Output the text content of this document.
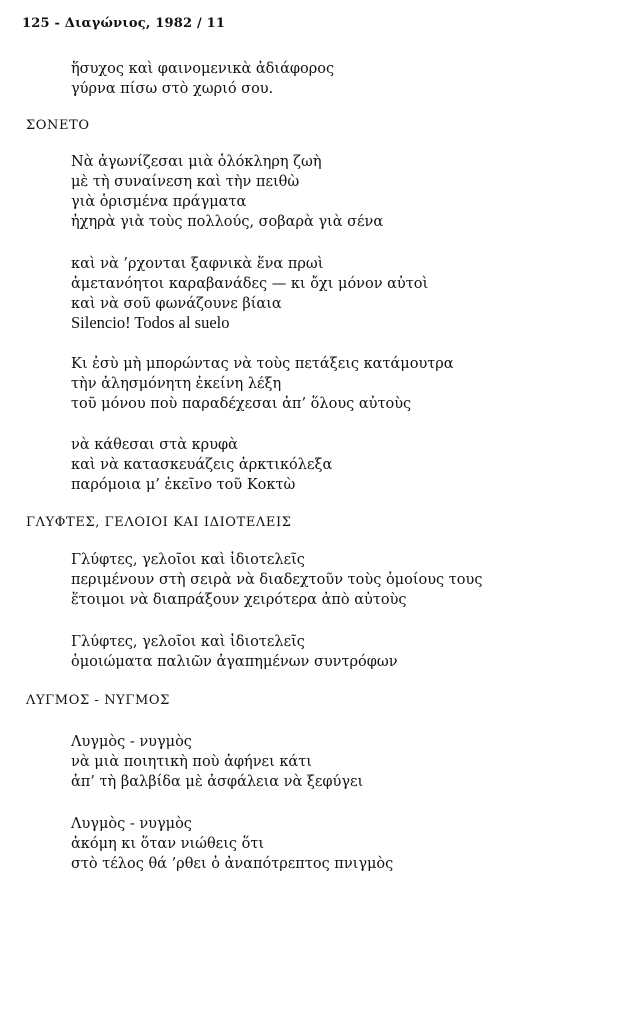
125 - Διαγώνιος, 1982 / 11
ἥσυχος καὶ φαινομενικὰ ἀδιάφορος
γύρνα πίσω στὸ χωριό σου.
ΣΟΝΕΤΟ
Νὰ ἀγωνίζεσαι μιὰ ὁλόκληρη ζωὴ
μὲ τὴ συναίνεση καὶ τὴν πειθὼ
γιὰ ὁρισμένα πράγματα
ἠχηρὰ γιὰ τοὺς πολλούς, σοβαρὰ γιὰ σένα
καὶ νὰ ’ρχονται ξαφνικὰ ἕνα πρωὶ
ἀμετανόητοι καραβανάδες — κι ὄχι μόνον αὐτοὶ
καὶ νὰ σοῦ φωνάζουνε βίαια
Silencio! Todos al suelo
Κι ἐσὺ μὴ μπορώντας νὰ τοὺς πετάξεις κατάμουτρα
τὴν ἀλησμόνητη ἐκείνη λέξη
τοῦ μόνου ποὺ παραδέχεσαι ἀπ’ ὅλους αὐτοὺς
νὰ κάθεσαι στὰ κρυφὰ
καὶ νὰ κατασκευάζεις ἀρκτικόλεξα
παρόμοια μ’ ἐκεῖνο τοῦ Κοκτὼ
ΓΛΥΦΤΕΣ, ΓΕΛΟΙΟΙ ΚΑΙ ΙΔΙΟΤΕΛΕΙΣ
Γλύφτες, γελοῖοι καὶ ἰδιοτελεῖς
περιμένουν στὴ σειρὰ νὰ διαδεχτοῦν τοὺς ὁμοίους τους
ἕτοιμοι νὰ διαπράξουν χειρότερα ἀπὸ αὐτοὺς
Γλύφτες, γελοῖοι καὶ ἰδιοτελεῖς
ὁμοιώματα παλιῶν ἀγαπημένων συντρόφων
ΛΥΓΜΟΣ - ΝΥΓΜΟΣ
Λυγμὸς - νυγμὸς
νὰ μιὰ ποιητικὴ ποὺ ἀφήνει κάτι
ἀπ’ τὴ βαλβίδα μὲ ἀσφάλεια νὰ ξεφύγει
Λυγμὸς - νυγμὸς
ἀκόμη κι ὅταν νιώθεις ὅτι
στὸ τέλος θά ’ρθει ὁ ἀναπότρεπτος πνιγμὸς
